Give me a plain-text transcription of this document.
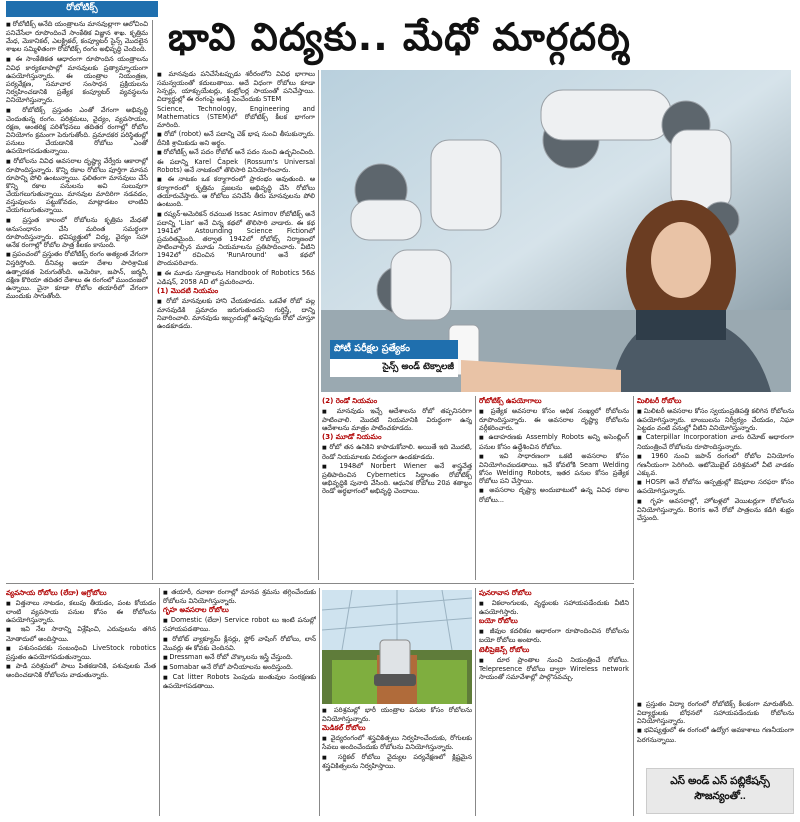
రోబోటిక్స్
భావి విద్యకు.. మేధో మార్గదర్శి
పోటీ పరీక్షల ప్రత్యేకం
సైన్స్ అండ్ టెక్నాలజీ

■ రోబోటిక్స్ అనేది యంత్రాలను మానవుల్లాగా ఆలోచించి పనిచేసేలా రూపొందించే సాంకేతిక విజ్ఞాన శాఖ. కృత్రిమ మేధ, మెకానికల్, ఎలక్ట్రికల్, కంప్యూటర్ సైన్స్ మొదలైన శాఖల సమ్మిళితంగా రోబోటిక్స్ రంగం అభివృద్ధి చెందింది.

■ ఈ సాంకేతికత ఆధారంగా రూపొందిన యంత్రాలను వివిధ కార్యకలాపాల్లో మానవులకు ప్రత్యామ్నాయంగా ఉపయోగిస్తున్నారు. ఈ యంత్రాల నియంత్రణ, పర్యవేక్షణ, సమాచార సంసాధన ప్రక్రియలను నిర్వహించడానికి ప్రత్యేక కంప్యూటర్ వ్యవస్థలను వినియోగిస్తున్నారు.

■ రోబోటిక్స్ ప్రస్తుతం ఎంతో వేగంగా అభివృద్ధి చెందుతున్న రంగం. పరిశ్రమలు, వైద్యం, వ్యవసాయం, రక్షణ, అంతరిక్ష పరిశోధనలు తదితర రంగాల్లో రోబోల వినియోగం క్రమంగా పెరుగుతోంది. ప్రమాదకర పరిస్థితుల్లో పనులు చేయడానికి రోబోలు ఎంతో ఉపయోగపడుతున్నాయి.

■ రోబోలను వివిధ అవసరాల దృష్ట్యా వేర్వేరు ఆకారాల్లో రూపొందిస్తున్నారు. కొన్ని రకాల రోబోలు పూర్తిగా మానవ రూపాన్ని పోలి ఉంటున్నాయి. ఫలితంగా మానవులు చేసే కొన్ని రకాల పనులను అవి సులువుగా చేయగలుగుతున్నాయి. మానవుల మాదిరిగా నడవడం, వస్తువులను పట్టుకోవడం, మాట్లాడటం లాంటివి చేయగలుగుతున్నాయి.

■ ప్రస్తుత కాలంలో రోబోలను కృత్రిమ మేధతో అనుసంధానం చేసి మరింత సమర్థంగా రూపొందిస్తున్నారు. భవిష్యత్తులో విద్య, వైద్యం సహా అనేక రంగాల్లో రోబోల పాత్ర కీలకం కానుంది.

■ ప్రపంచంలో ప్రస్తుతం రోబోటిక్స్ రంగం అత్యంత వేగంగా విస్తరిస్తోంది. దీనివల్ల ఆయా దేశాల పారిశ్రామిక ఉత్పాదకత పెరుగుతోంది. అమెరికా, జపాన్, జర్మనీ, దక్షిణ కొరియా తదితర దేశాలు ఈ రంగంలో ముందంజలో ఉన్నాయి. చైనా కూడా రోబోల తయారీలో వేగంగా ముందుకు సాగుతోంది.

■ మానవుడు పనిచేసేటప్పుడు శరీరంలోని వివిధ భాగాలు సమన్వయంతో కదులుతాయి. అదే విధంగా రోబోలు కూడా సెన్సర్లు, యాక్చుయేటర్లు, కంట్రోలర్ల సాయంతో పనిచేస్తాయి. విద్యార్థుల్లో ఈ రంగంపై ఆసక్తి పెంచేందుకు STEM

Science, Technology, Engineering and Mathematics (STEM)లో రోబోటిక్స్ కీలక భాగంగా మారింది.

■ రోబో (robot) అనే పదాన్ని చెక్ భాష నుంచి తీసుకున్నారు. దీనికి శ్రామికుడు అని అర్థం.

■ రోబోటిక్స్ అనే పదం రోబోట్ అనే పదం నుంచి ఉద్భవించింది. ఈ పదాన్ని Karel Čapek (Rossum's Universal Robots) అనే నాటకంలో తొలిసారి వినియోగించారు.

■ ఈ నాటకం ఒక కర్మాగారంలో ప్రారంభం అవుతుంది. ఆ కర్మాగారంలో కృత్రిమ ప్రజలను అభివృద్ధి చేసి రోబోలు తయారుచేస్తారు. ఆ రోబోలు పనిచేసే తీరు మానవులను పోలి ఉంటుంది.

■ రష్యన్-అమెరికన్ రచయిత Issac Asimov రోబోటిక్స్ అనే పదాన్ని 'Liar' అనే చిన్న కథలో తొలిసారి వాడారు. ఈ కథ 1941లో Astounding Science Fictionలో ప్రచురితమైంది. తర్వాత 1942లో రోబోట్స్ నిర్మాణంలో పాటించాల్సిన మూడు నియమాలను ప్రతిపాదించారు. వీటిని 1942లో రచించిన 'RunAround' అనే కథలో పొందుపరిచారు.

■ ఈ మూడు సూత్రాలను Handbook of Robotics 56వ ఎడిషన్, 2058 AD లో ప్రచురించారు.

(1) మొదటి నియమం

■ రోబో మానవులకు హాని చేయకూడదు. ఒకవేళ రోబో వల్ల మానవుడికి ప్రమాదం జరుగుతుందని గుర్తిస్తే, దాన్ని నివారించాలి. మానవుడు ఇబ్బందుల్లో ఉన్నప్పుడు రోబో చూస్తూ ఉండకూడదు.

(2) రెండో నియమం

■ మానవుడు ఇచ్చే ఆదేశాలను రోబో తప్పనిసరిగా పాటించాలి. మొదటి నియమానికి విరుద్ధంగా ఉన్న ఆదేశాలను మాత్రం పాటించకూడదు.

(3) మూడో నియమం

■ రోబో తన ఉనికిని కాపాడుకోవాలి. అయితే ఇది మొదటి, రెండో నియమాలకు విరుద్ధంగా ఉండకూడదు.

■ 1948లో Norbert Wiener అనే శాస్త్రవేత్త ప్రతిపాదించిన Cybernetics సిద్ధాంతం రోబోటిక్స్ అభివృద్ధికి పునాది వేసింది. ఆధునిక రోబోలు 20వ శతాబ్దం రెండో అర్ధభాగంలో అభివృద్ధి చెందాయి.

రోబోటిక్స్ ఉపయోగాలు

■ ప్రత్యేక అవసరాల కోసం అధిక సంఖ్యలో రోబోలను రూపొందిస్తున్నారు. ఈ అవసరాల దృష్ట్యా రోబోలను వర్గీకరించారు.

■ ఉదాహరణకు Assembly Robots అన్ని అసెంబ్లింగ్ పనుల కోసం ఉద్దేశించిన రోబోలు.

■ ఇవి సాధారణంగా ఒకటి అవసరాల కోసం వినియోగించబడతాయి. ఇవే కోవలోకి Seam Welding కోసం Welding Robots, ఇతర పనుల కోసం ప్రత్యేక రోబోలు పని చేస్తాయి.

■ అవసరాల దృష్ట్యా అందుబాటులో ఉన్న వివిధ రకాల రోబోలు...

మిలిటరీ రోబోలు

■ మిలిటరీ అవసరాల కోసం స్వయంప్రతిపత్తి కలిగిన రోబోలను ఉపయోగిస్తున్నారు. బాంబులను నిర్వీర్యం చేయడం, నిఘా పెట్టడం వంటి పనుల్లో వీటిని వినియోగిస్తున్నారు.

■ Caterpillar Incorporation వారు రిమోట్ ఆధారంగా నియంత్రించే రోబోలను రూపొందిస్తున్నారు.

■ 1960 నుంచి జపాన్ రంగంలో రోబోల వినియోగం గణనీయంగా పెరిగింది. ఆటోమొబైల్ పరిశ్రమలో వీటి వాడకం ఎక్కువ.

■ HOSPI అనే రోబోను ఆస్పత్రుల్లో ఔషధాల సరఫరా కోసం ఉపయోగిస్తున్నారు.

■ గృహ అవసరాల్లో, హోటళ్లలో వెయిటర్లుగా రోబోలను వినియోగిస్తున్నారు. Boris అనే రోబో పాత్రలను కడిగి శుభ్రం చేస్తుంది.

వ్యవసాయ రోబోలు (లేదా) ఆగ్రోబోలు

■ విత్తనాలు నాటడం, కలుపు తీయడం, పంట కోయడం లాంటి వ్యవసాయ పనుల కోసం ఈ రోబోలను ఉపయోగిస్తున్నారు.

■ ఇవి నేల సారాన్ని విశ్లేషించి, ఎరువులను తగిన మోతాదులో అందిస్తాయి.

■ పశుసంపదకు సంబంధించి LiveStock robotics ప్రస్తుతం ఉపయోగపడుతున్నాయి.

■ పాడి పరిశ్రమలో పాలు పితకడానికి, పశువులకు మేత అందించడానికి రోబోలను వాడుతున్నారు.

■ తయారీ, రవాణా రంగాల్లో మానవ శ్రమను తగ్గించేందుకు రోబోలను వినియోగిస్తున్నారు.

గృహ అవసరాల రోబోలు

■ Domestic (లేదా) Service robot లు ఇంటి పనుల్లో సహాయపడతాయి.

■ రోబోట్ వ్యాక్యూమ్ క్లీనర్లు, ఫ్లోర్ వాషింగ్ రోబోలు, లాన్ మొవర్లు ఈ కోవకు చెందినవి.

■ Dressman అనే రోబో చొక్కాలను ఇస్త్రీ చేస్తుంది.

■ Somabar అనే రోబో పానీయాలను అందిస్తుంది.

■ Cat litter Robots పెంపుడు జంతువుల సంరక్షణకు ఉపయోగపడతాయి.

■ పరిశ్రమల్లో భారీ యంత్రాల పనుల కోసం రోబోలను వినియోగిస్తున్నారు.

మెడికల్ రోబోలు

■ వైద్యరంగంలో శస్త్రచికిత్సలు నిర్వహించేందుకు, రోగులకు సేవలు అందించేందుకు రోబోలను వినియోగిస్తున్నారు.

■ సర్జికల్ రోబోలు వైద్యుల పర్యవేక్షణలో క్లిష్టమైన శస్త్రచికిత్సలను నిర్వహిస్తాయి.

పునరావాస రోబోలు

■ వికలాంగులకు, వృద్ధులకు సహాయపడేందుకు వీటిని ఉపయోగిస్తారు.

బయో రోబోలు

■ జీవుల కదలికల ఆధారంగా రూపొందించిన రోబోలను బయో రోబోలు అంటారు.

టెలీప్రెజెన్స్ రోబోలు

■ దూర ప్రాంతాల నుంచి నియంత్రించే రోబోలు. Telepresence రోబోలు ద్వారా Wireless network సాయంతో సమావేశాల్లో పాల్గొనవచ్చు.

■ ప్రస్తుతం విద్యా రంగంలో రోబోటిక్స్ కీలకంగా మారుతోంది. విద్యార్థులకు బోధనలో సహాయపడేందుకు రోబోలను వినియోగిస్తున్నారు.

■ భవిష్యత్తులో ఈ రంగంలో ఉద్యోగ అవకాశాలు గణనీయంగా పెరగనున్నాయి.

ఎస్ అండ్ ఎస్ పబ్లికేషన్స్
సౌజన్యంతో..
